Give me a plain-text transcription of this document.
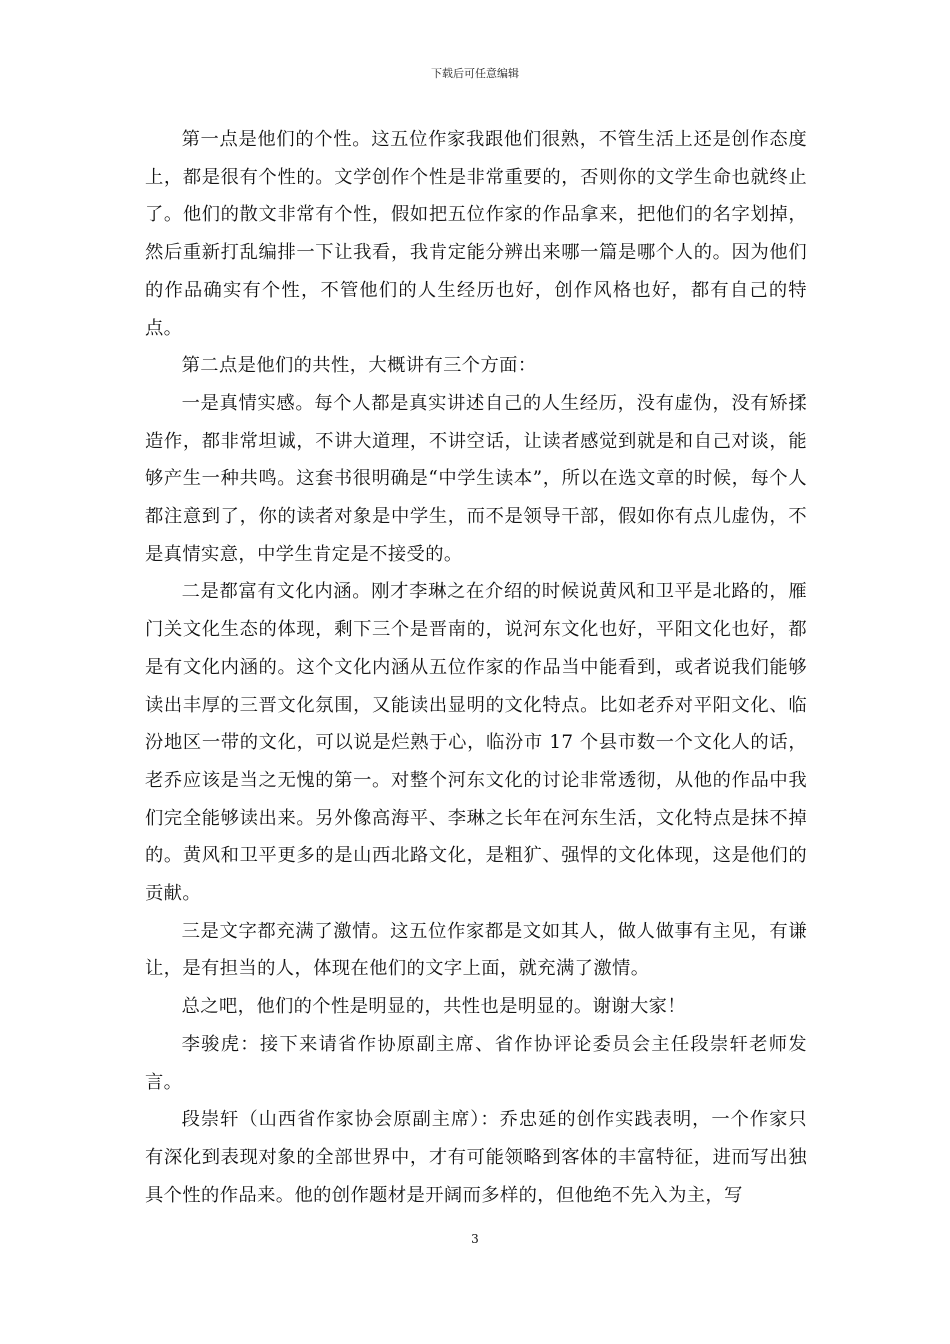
下载后可任意编辑

第一点是他们的个性。这五位作家我跟他们很熟，不管生活上还是创作态度上，都是很有个性的。文学创作个性是非常重要的，否则你的文学生命也就终止了。他们的散文非常有个性，假如把五位作家的作品拿来，把他们的名字划掉，然后重新打乱编排一下让我看，我肯定能分辨出来哪一篇是哪个人的。因为他们的作品确实有个性，不管他们的人生经历也好，创作风格也好，都有自己的特点。

第二点是他们的共性，大概讲有三个方面：

一是真情实感。每个人都是真实讲述自己的人生经历，没有虚伪，没有矫揉造作，都非常坦诚，不讲大道理，不讲空话，让读者感觉到就是和自己对谈，能够产生一种共鸣。这套书很明确是“中学生读本”，所以在选文章的时候，每个人都注意到了，你的读者对象是中学生，而不是领导干部，假如你有点儿虚伪，不是真情实意，中学生肯定是不接受的。

二是都富有文化内涵。刚才李琳之在介绍的时候说黄风和卫平是北路的，雁门关文化生态的体现，剩下三个是晋南的，说河东文化也好，平阳文化也好，都是有文化内涵的。这个文化内涵从五位作家的作品当中能看到，或者说我们能够读出丰厚的三晋文化氛围，又能读出显明的文化特点。比如老乔对平阳文化、临汾地区一带的文化，可以说是烂熟于心，临汾市 17 个县市数一个文化人的话，老乔应该是当之无愧的第一。对整个河东文化的讨论非常透彻，从他的作品中我们完全能够读出来。另外像高海平、李琳之长年在河东生活，文化特点是抹不掉的。黄风和卫平更多的是山西北路文化，是粗犷、强悍的文化体现，这是他们的贡献。

三是文字都充满了激情。这五位作家都是文如其人，做人做事有主见，有谦让，是有担当的人，体现在他们的文字上面，就充满了激情。

总之吧，他们的个性是明显的，共性也是明显的。谢谢大家！

李骏虎：接下来请省作协原副主席、省作协评论委员会主任段崇轩老师发言。

段崇轩（山西省作家协会原副主席）：乔忠延的创作实践表明，一个作家只有深化到表现对象的全部世界中，才有可能领略到客体的丰富特征，进而写出独具个性的作品来。他的创作题材是开阔而多样的，但他绝不先入为主，写

3
